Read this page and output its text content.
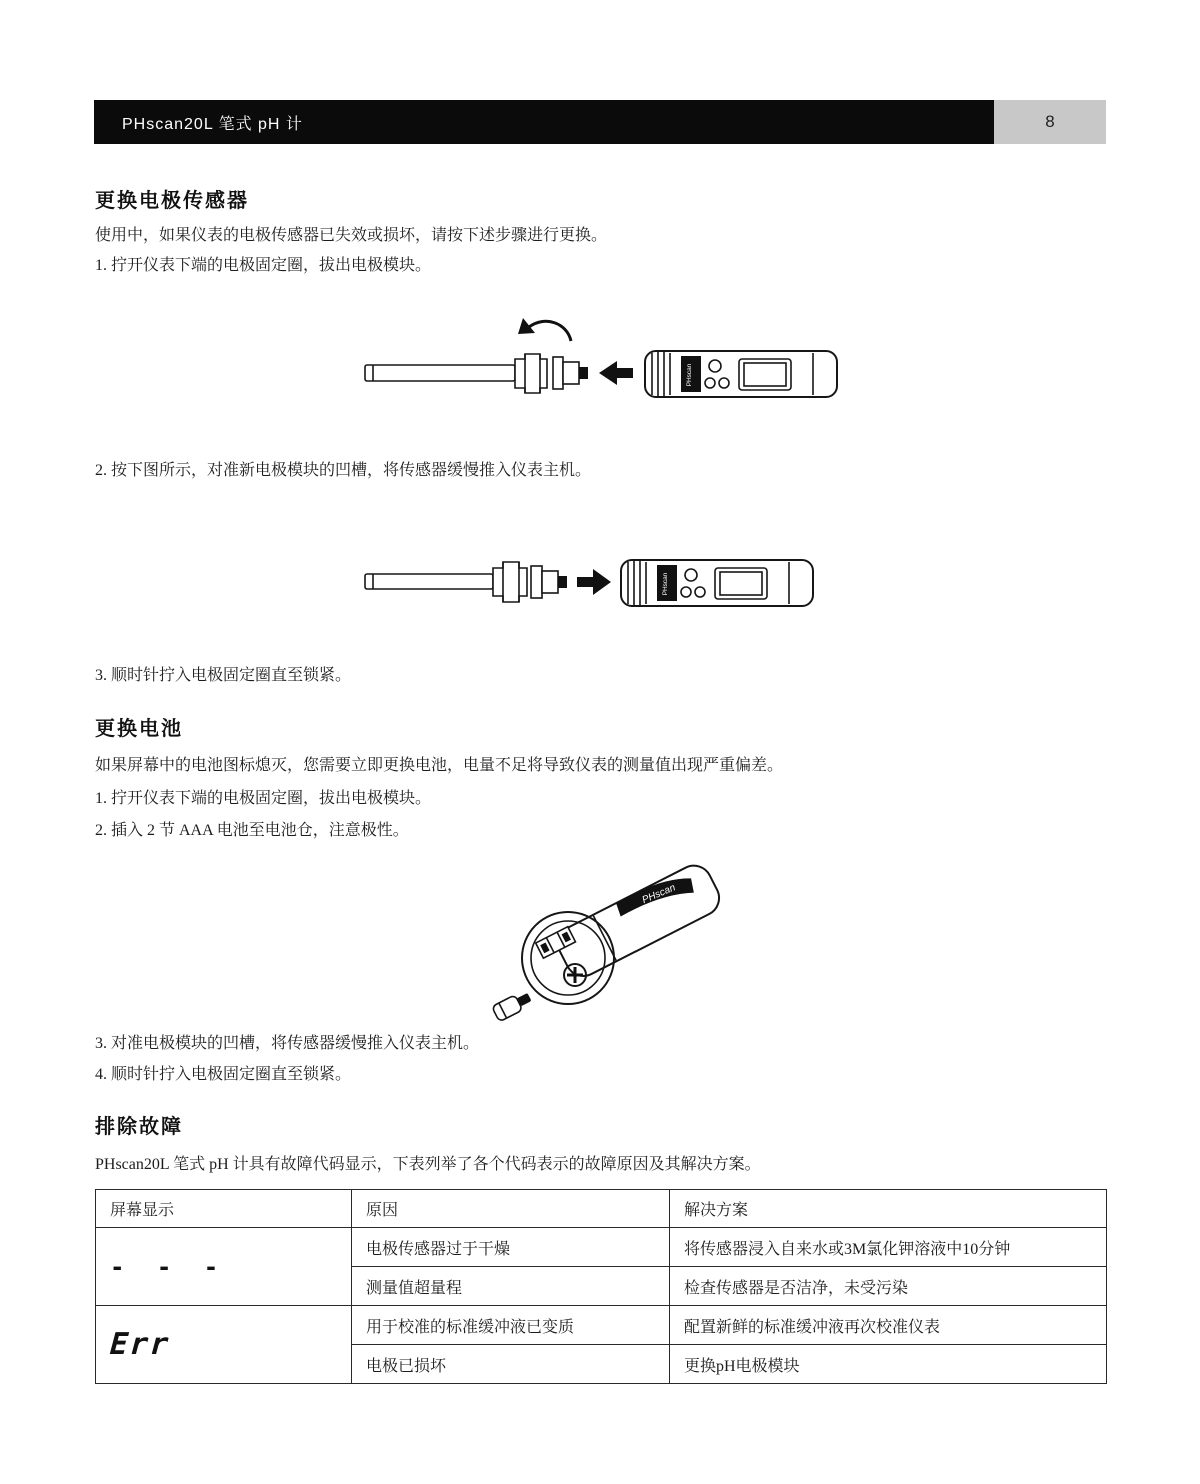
PHscan20L 笔式 pH 计	8
更换电极传感器
使用中，如果仪表的电极传感器已失效或损坏，请按下述步骤进行更换。
1. 拧开仪表下端的电极固定圈，拔出电极模块。
PHscan
2. 按下图所示，对准新电极模块的凹槽，将传感器缓慢推入仪表主机。
PHscan
3. 顺时针拧入电极固定圈直至锁紧。
更换电池
如果屏幕中的电池图标熄灭，您需要立即更换电池，电量不足将导致仪表的测量值出现严重偏差。
1. 拧开仪表下端的电极固定圈，拔出电极模块。
2. 插入 2 节 AAA 电池至电池仓，注意极性。
PHscan
3. 对准电极模块的凹槽，将传感器缓慢推入仪表主机。
4. 顺时针拧入电极固定圈直至锁紧。
排除故障
PHscan20L 笔式 pH 计具有故障代码显示，下表列举了各个代码表示的故障原因及其解决方案。
屏幕显示	原因	解决方案
- - -	电极传感器过于干燥	将传感器浸入自来水或3M氯化钾溶液中10分钟
	测量值超量程	检查传感器是否洁净，未受污染
Err	用于校准的标准缓冲液已变质	配置新鲜的标准缓冲液再次校准仪表
	电极已损坏	更换pH电极模块
